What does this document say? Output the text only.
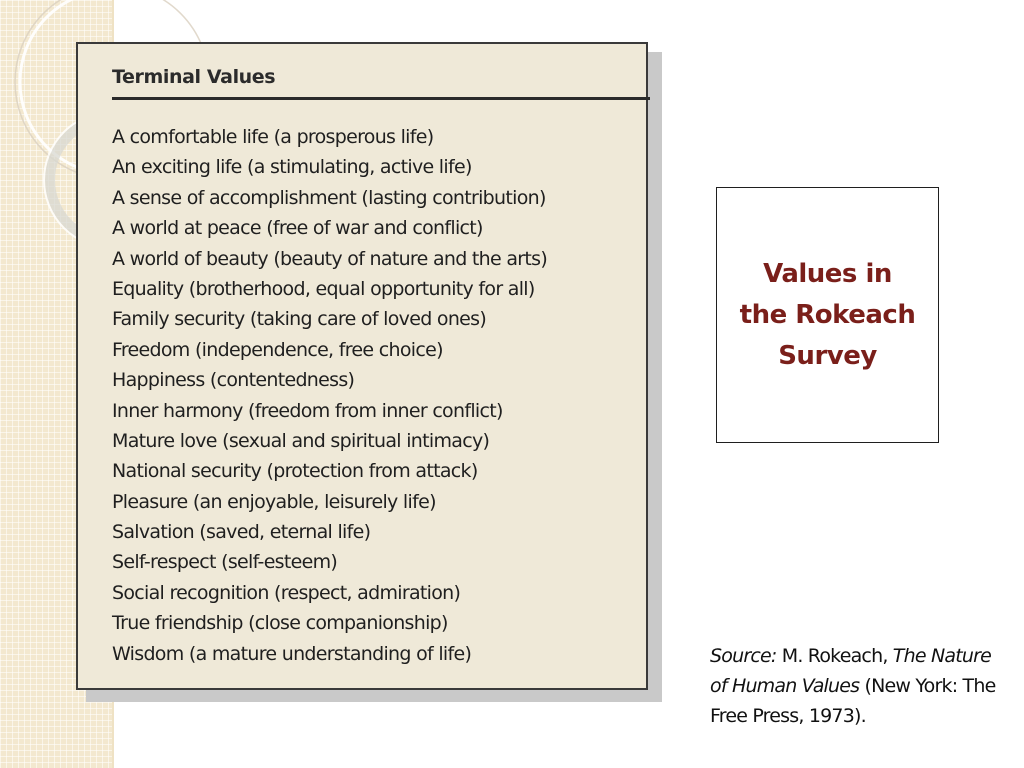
Terminal Values
A comfortable life (a prosperous life)
An exciting life (a stimulating, active life)
A sense of accomplishment (lasting contribution)
A world at peace (free of war and conflict)
A world of beauty (beauty of nature and the arts)
Equality (brotherhood, equal opportunity for all)
Family security (taking care of loved ones)
Freedom (independence, free choice)
Happiness (contentedness)
Inner harmony (freedom from inner conflict)
Mature love (sexual and spiritual intimacy)
National security (protection from attack)
Pleasure (an enjoyable, leisurely life)
Salvation (saved, eternal life)
Self-respect (self-esteem)
Social recognition (respect, admiration)
True friendship (close companionship)
Wisdom (a mature understanding of life)
Values in
the Rokeach
Survey

Source: M. Rokeach, The Nature of Human Values (New York: The Free Press, 1973).
